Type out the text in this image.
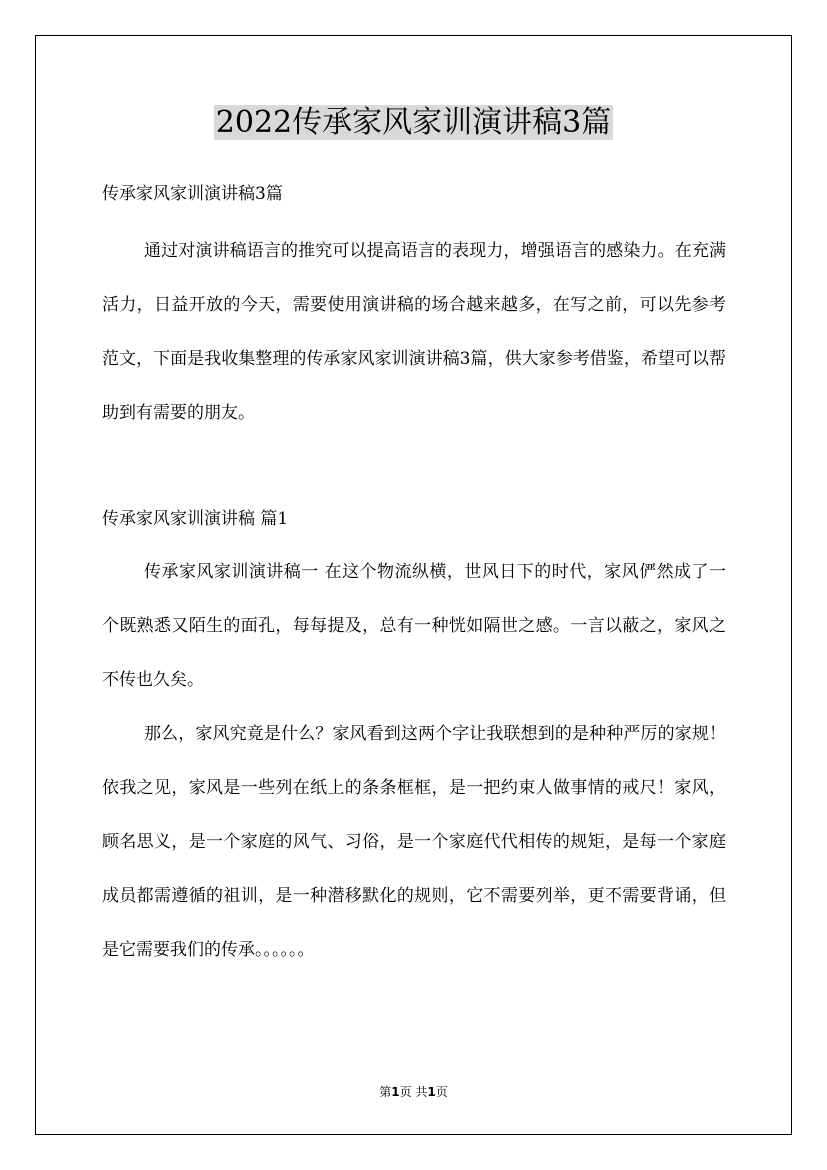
2022传承家风家训演讲稿3篇
传承家风家训演讲稿3篇
通过对演讲稿语言的推究可以提高语言的表现力，增强语言的感染力。在充满活力，日益开放的今天，需要使用演讲稿的场合越来越多，在写之前，可以先参考范文，下面是我收集整理的传承家风家训演讲稿3篇，供大家参考借鉴，希望可以帮助到有需要的朋友。
传承家风家训演讲稿 篇1
传承家风家训演讲稿一 在这个物流纵横，世风日下的时代，家风俨然成了一个既熟悉又陌生的面孔，每每提及，总有一种恍如隔世之感。一言以蔽之，家风之不传也久矣。
那么，家风究竟是什么？家风看到这两个字让我联想到的是种种严厉的家规！依我之见，家风是一些列在纸上的条条框框，是一把约束人做事情的戒尺！家风，顾名思义，是一个家庭的风气、习俗，是一个家庭代代相传的规矩，是每一个家庭成员都需遵循的祖训，是一种潜移默化的规则，它不需要列举，更不需要背诵，但是它需要我们的传承。。。。。。
第1页 共1页
